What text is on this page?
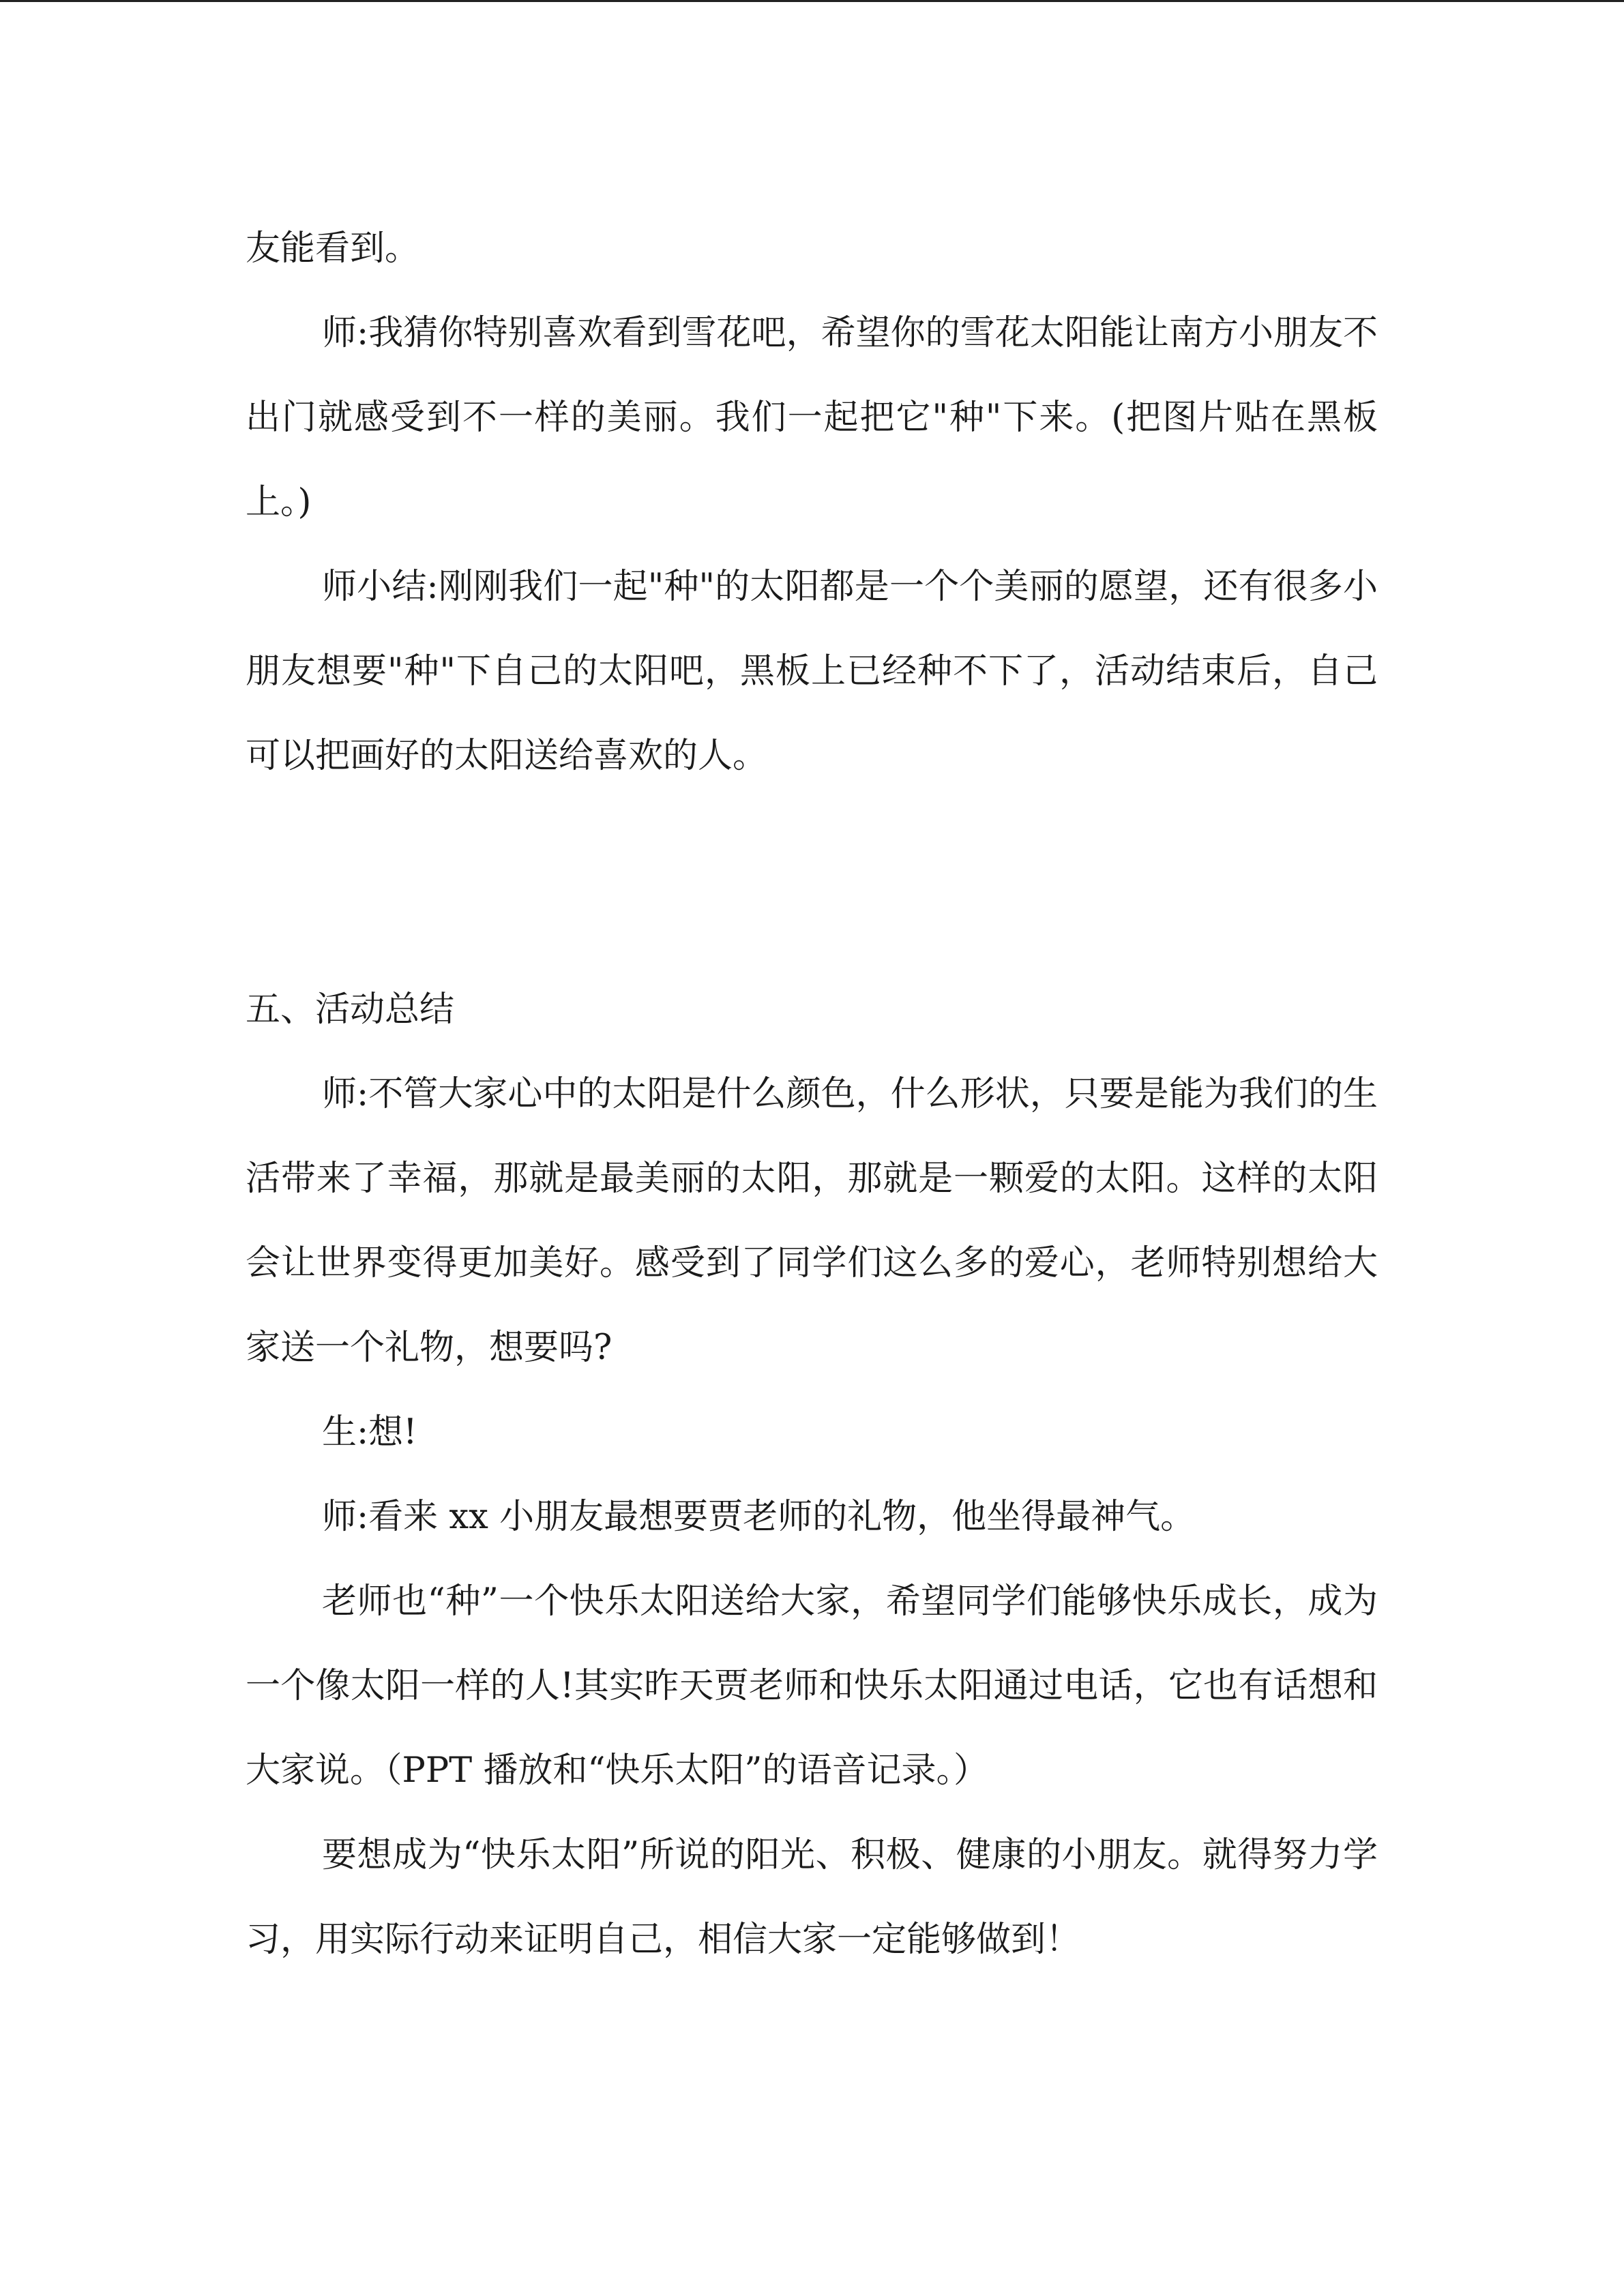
友能看到。

师:我猜你特别喜欢看到雪花吧，希望你的雪花太阳能让南方小朋友不出门就感受到不一样的美丽。我们一起把它"种"下来。(把图片贴在黑板上。)

师小结:刚刚我们一起"种"的太阳都是一个个美丽的愿望，还有很多小朋友想要"种"下自己的太阳吧，黑板上已经种不下了，活动结束后，自己可以把画好的太阳送给喜欢的人。

五、活动总结

师:不管大家心中的太阳是什么颜色，什么形状，只要是能为我们的生活带来了幸福，那就是最美丽的太阳，那就是一颗爱的太阳。这样的太阳会让世界变得更加美好。感受到了同学们这么多的爱心，老师特别想给大家送一个礼物，想要吗?

生:想!

师:看来 xx 小朋友最想要贾老师的礼物，他坐得最神气。

老师也“种”一个快乐太阳送给大家，希望同学们能够快乐成长，成为一个像太阳一样的人!其实昨天贾老师和快乐太阳通过电话，它也有话想和大家说。（PPT 播放和“快乐太阳”的语音记录。）

要想成为“快乐太阳”所说的阳光、积极、健康的小朋友。就得努力学习，用实际行动来证明自己，相信大家一定能够做到！
